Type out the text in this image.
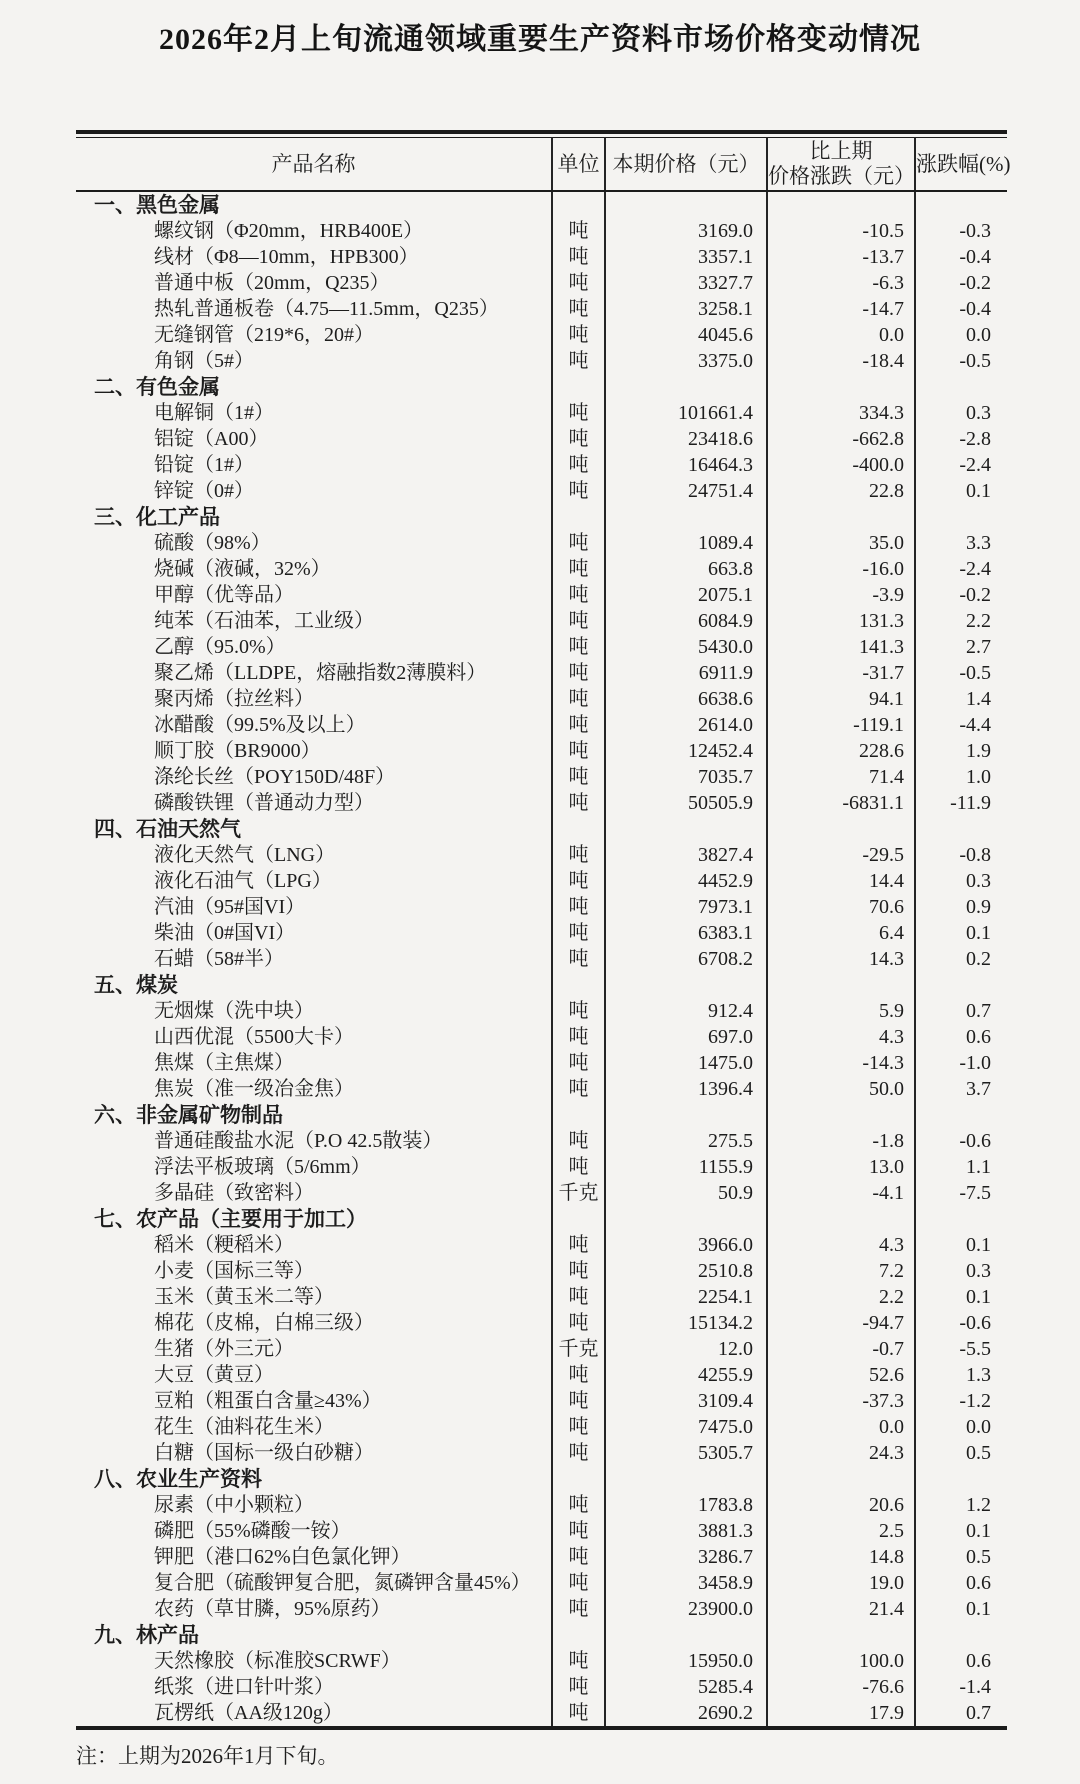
2026年2月上旬流通领域重要生产资料市场价格变动情况
产品名称	单位	本期价格（元）	比上期
价格涨跌（元）	涨跌幅(%)
一、黑色金属				
螺纹钢（Φ20mm，HRB400E）	吨	3169.0	-10.5	-0.3
线材（Φ8—10mm，HPB300）	吨	3357.1	-13.7	-0.4
普通中板（20mm，Q235）	吨	3327.7	-6.3	-0.2
热轧普通板卷（4.75—11.5mm，Q235）	吨	3258.1	-14.7	-0.4
无缝钢管（219*6，20#）	吨	4045.6	0.0	0.0
角钢（5#）	吨	3375.0	-18.4	-0.5
二、有色金属				
电解铜（1#）	吨	101661.4	334.3	0.3
铝锭（A00）	吨	23418.6	-662.8	-2.8
铅锭（1#）	吨	16464.3	-400.0	-2.4
锌锭（0#）	吨	24751.4	22.8	0.1
三、化工产品				
硫酸（98%）	吨	1089.4	35.0	3.3
烧碱（液碱，32%）	吨	663.8	-16.0	-2.4
甲醇（优等品）	吨	2075.1	-3.9	-0.2
纯苯（石油苯，工业级）	吨	6084.9	131.3	2.2
乙醇（95.0%）	吨	5430.0	141.3	2.7
聚乙烯（LLDPE，熔融指数2薄膜料）	吨	6911.9	-31.7	-0.5
聚丙烯（拉丝料）	吨	6638.6	94.1	1.4
冰醋酸（99.5%及以上）	吨	2614.0	-119.1	-4.4
顺丁胶（BR9000）	吨	12452.4	228.6	1.9
涤纶长丝（POY150D/48F）	吨	7035.7	71.4	1.0
磷酸铁锂（普通动力型）	吨	50505.9	-6831.1	-11.9
四、石油天然气				
液化天然气（LNG）	吨	3827.4	-29.5	-0.8
液化石油气（LPG）	吨	4452.9	14.4	0.3
汽油（95#国VI）	吨	7973.1	70.6	0.9
柴油（0#国VI）	吨	6383.1	6.4	0.1
石蜡（58#半）	吨	6708.2	14.3	0.2
五、煤炭				
无烟煤（洗中块）	吨	912.4	5.9	0.7
山西优混（5500大卡）	吨	697.0	4.3	0.6
焦煤（主焦煤）	吨	1475.0	-14.3	-1.0
焦炭（准一级冶金焦）	吨	1396.4	50.0	3.7
六、非金属矿物制品				
普通硅酸盐水泥（P.O 42.5散装）	吨	275.5	-1.8	-0.6
浮法平板玻璃（5/6mm）	吨	1155.9	13.0	1.1
多晶硅（致密料）	千克	50.9	-4.1	-7.5
七、农产品（主要用于加工）				
稻米（粳稻米）	吨	3966.0	4.3	0.1
小麦（国标三等）	吨	2510.8	7.2	0.3
玉米（黄玉米二等）	吨	2254.1	2.2	0.1
棉花（皮棉，白棉三级）	吨	15134.2	-94.7	-0.6
生猪（外三元）	千克	12.0	-0.7	-5.5
大豆（黄豆）	吨	4255.9	52.6	1.3
豆粕（粗蛋白含量≥43%）	吨	3109.4	-37.3	-1.2
花生（油料花生米）	吨	7475.0	0.0	0.0
白糖（国标一级白砂糖）	吨	5305.7	24.3	0.5
八、农业生产资料				
尿素（中小颗粒）	吨	1783.8	20.6	1.2
磷肥（55%磷酸一铵）	吨	3881.3	2.5	0.1
钾肥（港口62%白色氯化钾）	吨	3286.7	14.8	0.5
复合肥（硫酸钾复合肥，氮磷钾含量45%）	吨	3458.9	19.0	0.6
农药（草甘膦，95%原药）	吨	23900.0	21.4	0.1
九、林产品				
天然橡胶（标准胶SCRWF）	吨	15950.0	100.0	0.6
纸浆（进口针叶浆）	吨	5285.4	-76.6	-1.4
瓦楞纸（AA级120g）	吨	2690.2	17.9	0.7
注：上期为2026年1月下旬。
